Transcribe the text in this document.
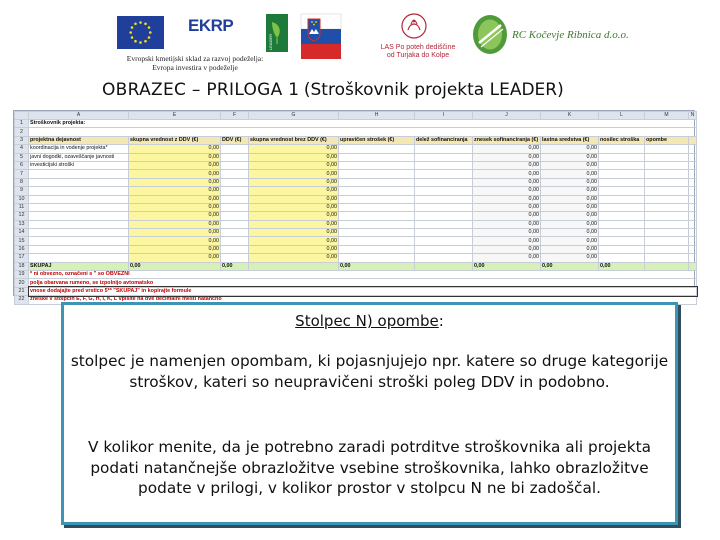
EKRP
Evropski kmetijski sklad za razvoj podeželja:
Evropa investira v podeželje
LEADER	LAS Po poteh dediščine
od Turjaka do Kolpe
RC Kočevje Ribnica d.o.o.
OBRAZEC – PRILOGA 1 (Stroškovnik projekta LEADER)
	A	E	F	G	H	I	J	K	L	M	N	
1	Stroškovnik projekta:											
2												
3	projektna dejavnost	skupna vrednost z DDV (€)	DDV (€)	skupna vrednost brez DDV (€)	upravičen strošek (€)	delež sofinanciranja	znesek sofinanciranja (€)	lastna sredstva (€)	nosilec stroška	opombe		
4	koordinacija in vodenje projekta*	0,00		0,00			0,00	0,00				
5	javni dogodki, ozaveščanje javnosti	0,00		0,00			0,00	0,00				
6	investicijski stroški	0,00		0,00			0,00	0,00				
7		0,00		0,00			0,00	0,00				
8		0,00		0,00			0,00	0,00				
9		0,00		0,00			0,00	0,00				
10		0,00		0,00			0,00	0,00				
11		0,00		0,00			0,00	0,00				
12		0,00		0,00			0,00	0,00				
13		0,00		0,00			0,00	0,00				
14		0,00		0,00			0,00	0,00				
15		0,00		0,00			0,00	0,00				
16		0,00		0,00			0,00	0,00				
17		0,00		0,00			0,00	0,00				
18	SKUPAJ	0,00	0,00		0,00		0,00	0,00	0,00			
19	* ni obvezno, označeni s " so OBVEZNI											
20	polja obarvana rumeno, se izpolnijo avtomatsko											
21	vnose dodajajte pred vrstico 5** "SKUPAJ" in kopirajte formule											
22	zneske v stolpcih E, F, G, H, I, K, L vpišite na dve decimalni mesti natančno											
Stolpec N) opombe:
stolpec je namenjen opombam, ki pojasnjujejo npr. katere so druge kategorije stroškov, kateri so neupravičeni stroški poleg DDV in podobno.
V kolikor menite, da je potrebno zaradi potrditve stroškovnika ali projekta podati natančnejše obrazložitve vsebine stroškovnika, lahko obrazložitve podate v prilogi, v kolikor prostor v stolpcu N ne bi zadoščal.
